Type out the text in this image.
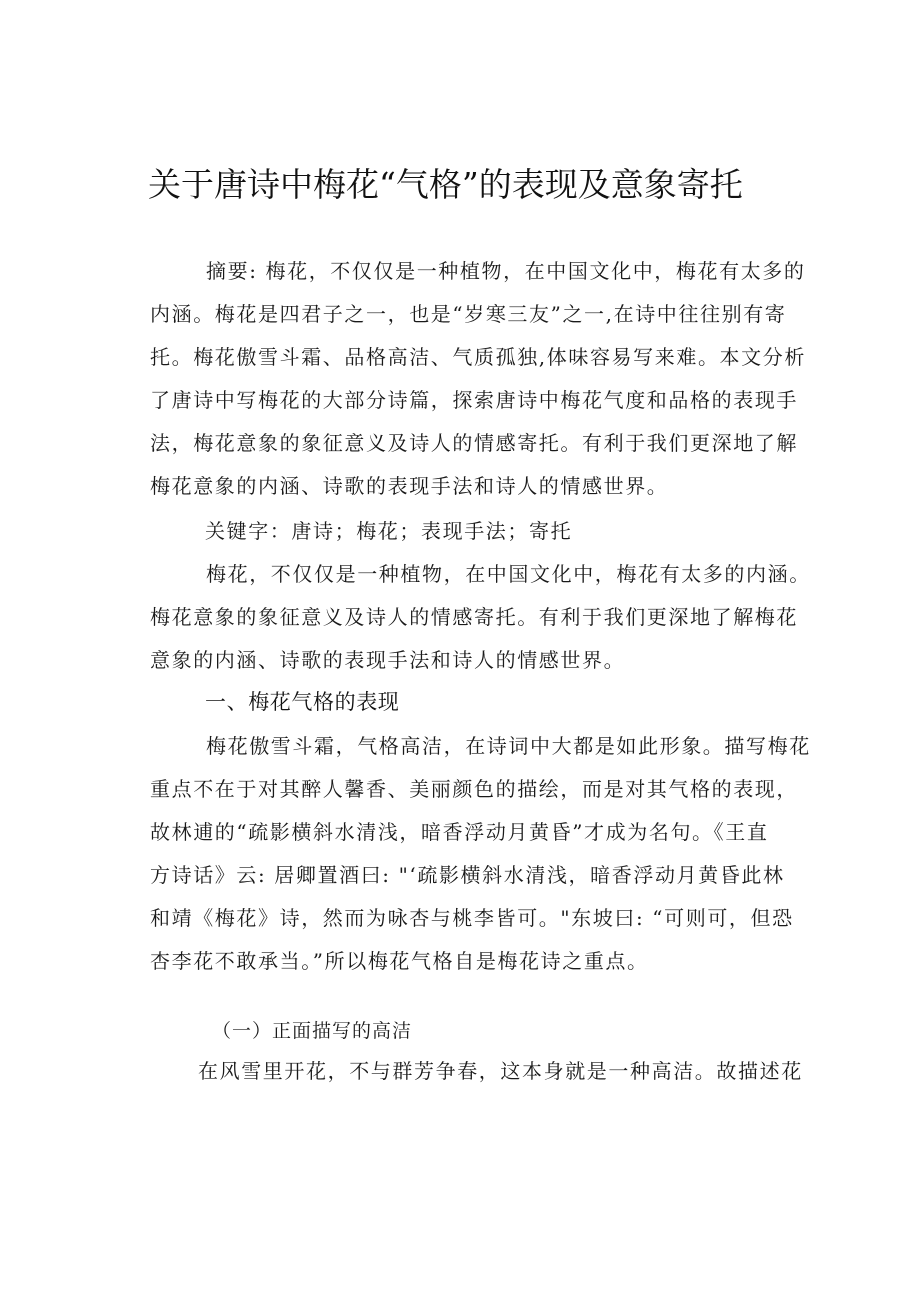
关于唐诗中梅花“气格”的表现及意象寄托
摘要: 梅花，不仅仅是一种植物，在中国文化中，梅花有太多的
内涵。梅花是四君子之一，也是“岁寒三友”之一,在诗中往往别有寄
托。梅花傲雪斗霜、品格高洁、气质孤独,体味容易写来难。本文分析
了唐诗中写梅花的大部分诗篇，探索唐诗中梅花气度和品格的表现手
法，梅花意象的象征意义及诗人的情感寄托。有利于我们更深地了解
梅花意象的内涵、诗歌的表现手法和诗人的情感世界。
关键字：唐诗；梅花；表现手法；寄托
梅花，不仅仅是一种植物，在中国文化中，梅花有太多的内涵。
梅花意象的象征意义及诗人的情感寄托。有利于我们更深地了解梅花
意象的内涵、诗歌的表现手法和诗人的情感世界。
一、梅花气格的表现
梅花傲雪斗霜，气格高洁，在诗词中大都是如此形象。描写梅花
重点不在于对其醉人馨香、美丽颜色的描绘，而是对其气格的表现，
故林逋的“疏影横斜水清浅，暗香浮动月黄昏”才成为名句。《王直
方诗话》云: 居卿置酒曰: "‘疏影横斜水清浅，暗香浮动月黄昏此林
和靖《梅花》诗，然而为咏杏与桃李皆可。"东坡曰: “可则可，但恐
杏李花不敢承当。”所以梅花气格自是梅花诗之重点。
（一）正面描写的高洁
在风雪里开花，不与群芳争春，这本身就是一种高洁。故描述花
